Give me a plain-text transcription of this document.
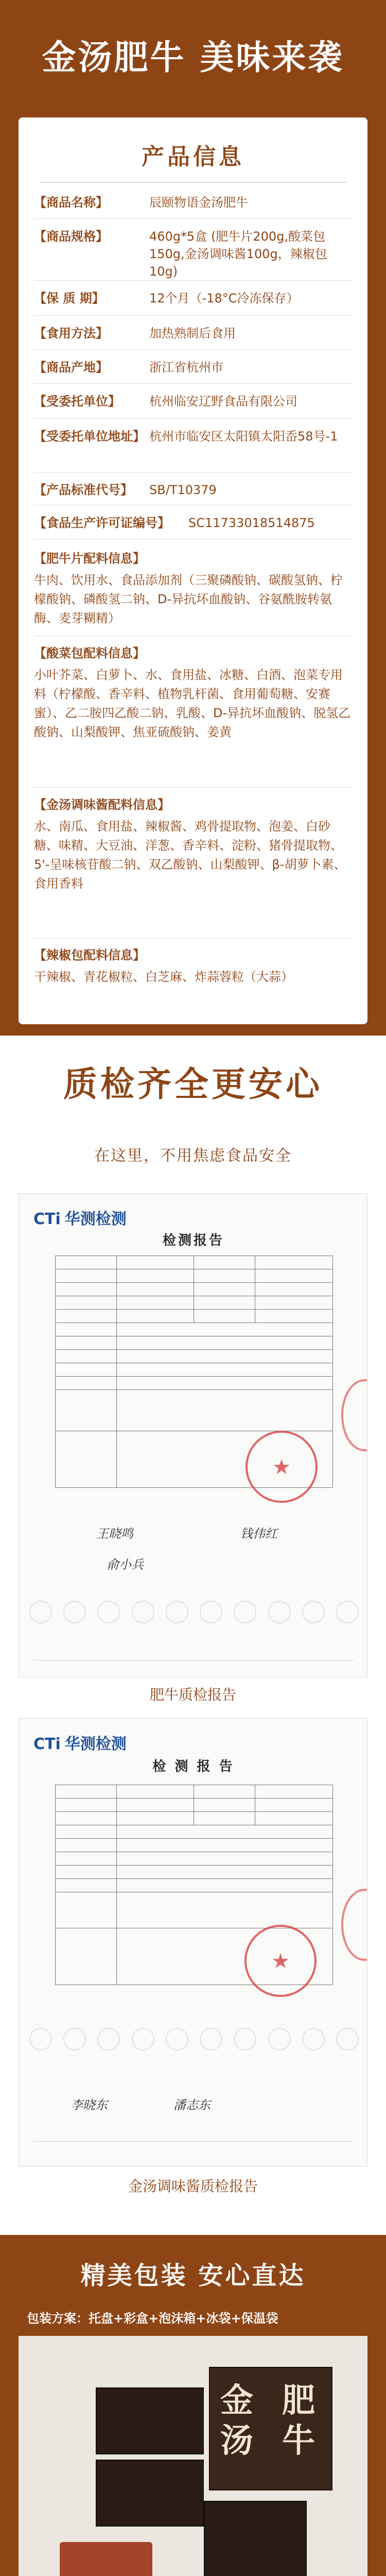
金汤肥牛 美味来袭
产品信息
【商品名称】	辰颐物语金汤肥牛
【商品规格】	460g*5盒 (肥牛片200g,酸菜包150g,金汤调味酱100g，辣椒包10g)
【保 质 期】	12个月（-18°C冷冻保存）
【食用方法】	加热熟制后食用
【商品产地】	浙江省杭州市
【受委托单位】	杭州临安辽野食品有限公司
【受委托单位地址】 杭州市临安区太阳镇太阳岙58号-1
【产品标准代号】	SB/T10379
【食品生产许可证编号】	SC11733018514875
【肥牛片配料信息】
牛肉、饮用水、食品添加剂（三聚磷酸钠、碳酸氢钠、柠檬酸钠、磷酸氢二钠、D-异抗坏血酸钠、谷氨酰胺转氨酶、麦芽糊精）
【酸菜包配料信息】
小叶芥菜、白萝卜、水、食用盐、冰糖、白酒、泡菜专用料（柠檬酸、香辛料、植物乳杆菌、食用葡萄糖、安赛蜜）、乙二胺四乙酸二钠、乳酸、D-异抗坏血酸钠、脱氢乙酸钠、山梨酸钾、焦亚硫酸钠、姜黄
【金汤调味酱配料信息】
水、南瓜、食用盐、辣椒酱、鸡骨提取物、泡姜、白砂糖、味精、大豆油、洋葱、香辛料、淀粉、猪骨提取物、5'-呈味核苷酸二钠、双乙酸钠、山梨酸钾、β-胡萝卜素、食用香料
【辣椒包配料信息】
干辣椒、青花椒粒、白芝麻、炸蒜蓉粒（大蒜）
质检齐全更安心
在这里，不用焦虑食品安全
CTi 华测检测
检测报告

★
王晓鸣	钱伟红
俞小兵
肥牛质检报告
CTi 华测检测
检 测 报 告

★
李晓东	潘志东
金汤调味酱质检报告
精美包装 安心直达
包装方案：托盘+彩盒+泡沫箱+冰袋+保温袋
金
汤
肥
牛
